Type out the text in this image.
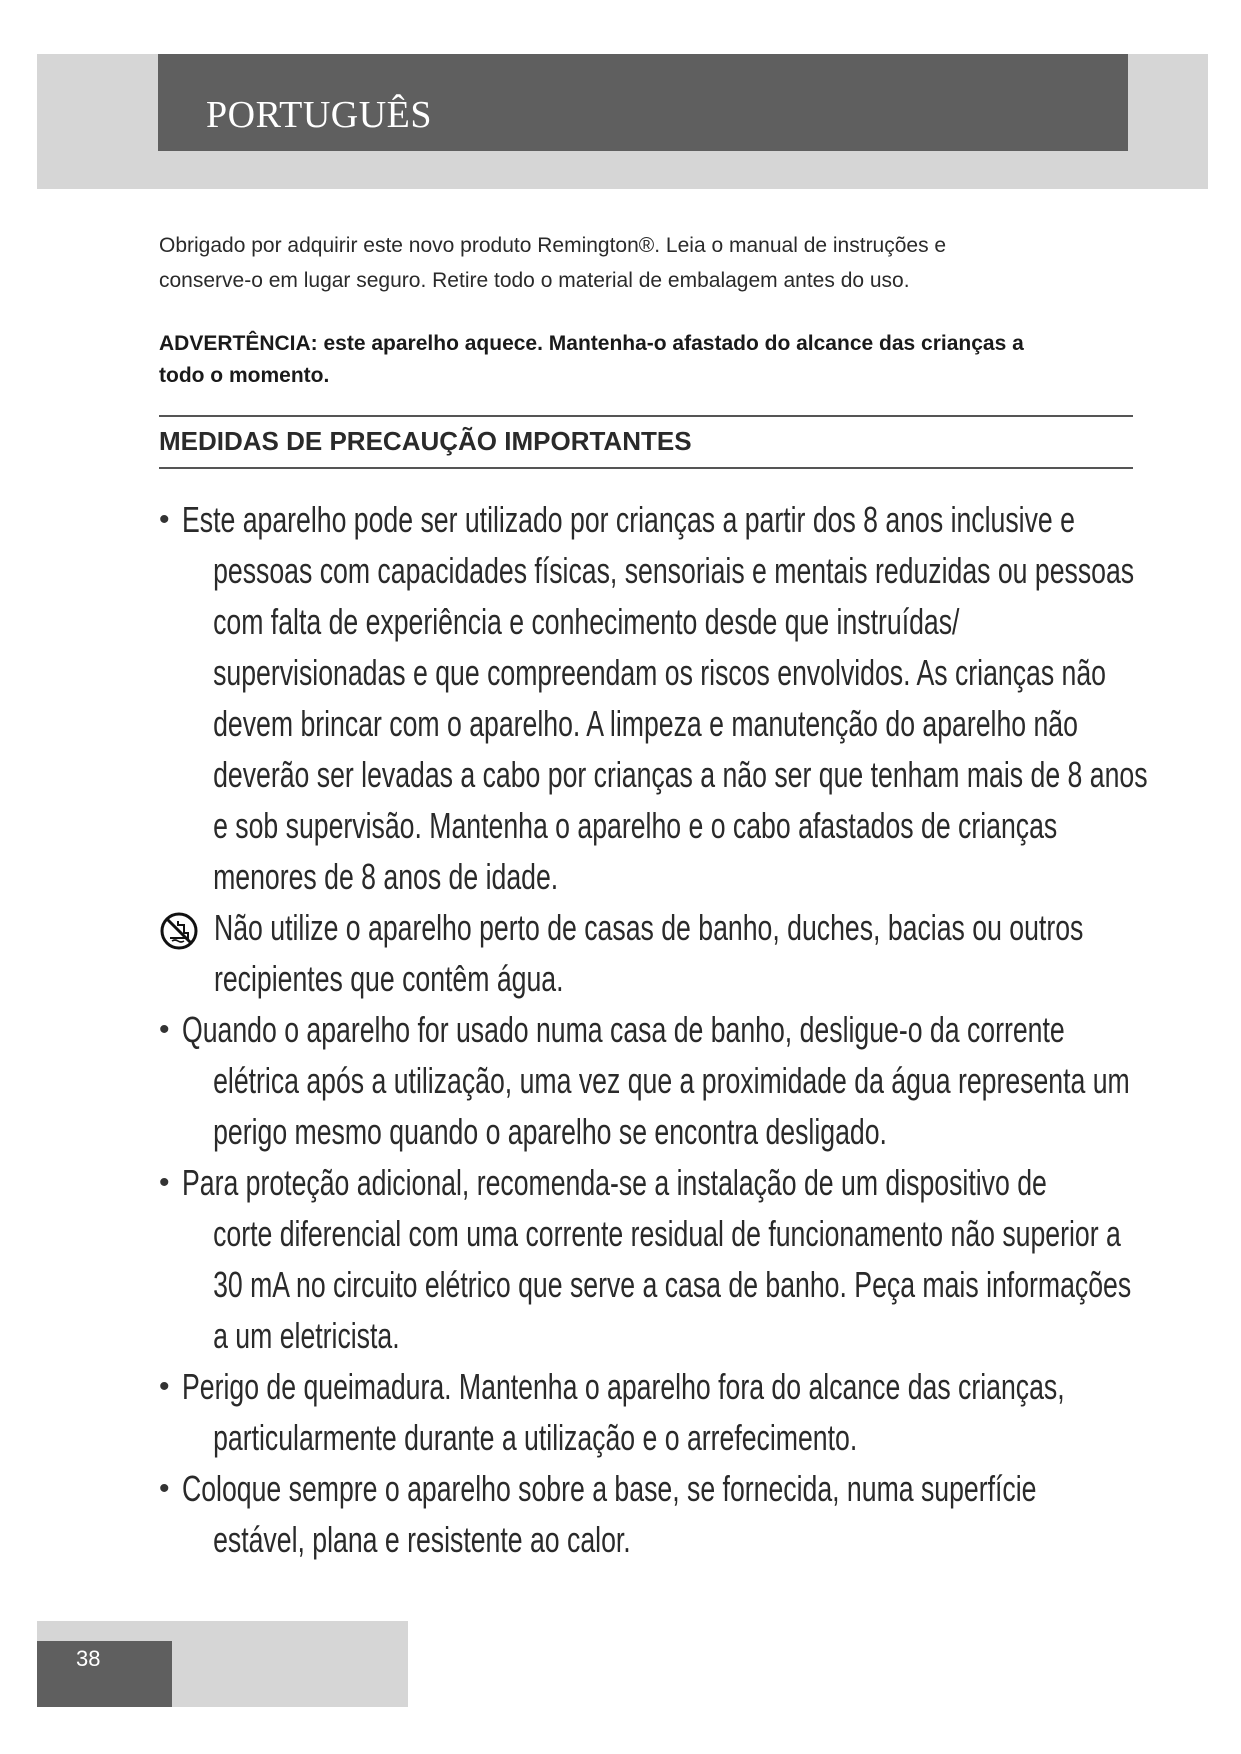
PORTUGUÊS

Obrigado por adquirir este novo produto Remington®. Leia o manual de instruções e

conserve-o em lugar seguro. Retire todo o material de embalagem antes do uso.

ADVERTÊNCIA: este aparelho aquece. Mantenha-o afastado do alcance das crianças a

todo o momento.

MEDIDAS DE PRECAUÇÃO IMPORTANTES
• Este aparelho pode ser utilizado por crianças a partir dos 8 anos inclusive e
pessoas com capacidades físicas, sensoriais e mentais reduzidas ou pessoas
com falta de experiência e conhecimento desde que instruídas/
supervisionadas e que compreendam os riscos envolvidos. As crianças não
devem brincar com o aparelho. A limpeza e manutenção do aparelho não
deverão ser levadas a cabo por crianças a não ser que tenham mais de 8 anos
e sob supervisão. Mantenha o aparelho e o cabo afastados de crianças
menores de 8 anos de idade.
Não utilize o aparelho perto de casas de banho, duches, bacias ou outros
recipientes que contêm água.
• Quando o aparelho for usado numa casa de banho, desligue-o da corrente
elétrica após a utilização, uma vez que a proximidade da água representa um
perigo mesmo quando o aparelho se encontra desligado.
• Para proteção adicional, recomenda-se a instalação de um dispositivo de
corte diferencial com uma corrente residual de funcionamento não superior a
30 mA no circuito elétrico que serve a casa de banho. Peça mais informações
a um eletricista.
• Perigo de queimadura. Mantenha o aparelho fora do alcance das crianças,
particularmente durante a utilização e o arrefecimento.
• Coloque sempre o aparelho sobre a base, se fornecida, numa superfície
estável, plana e resistente ao calor.
38
